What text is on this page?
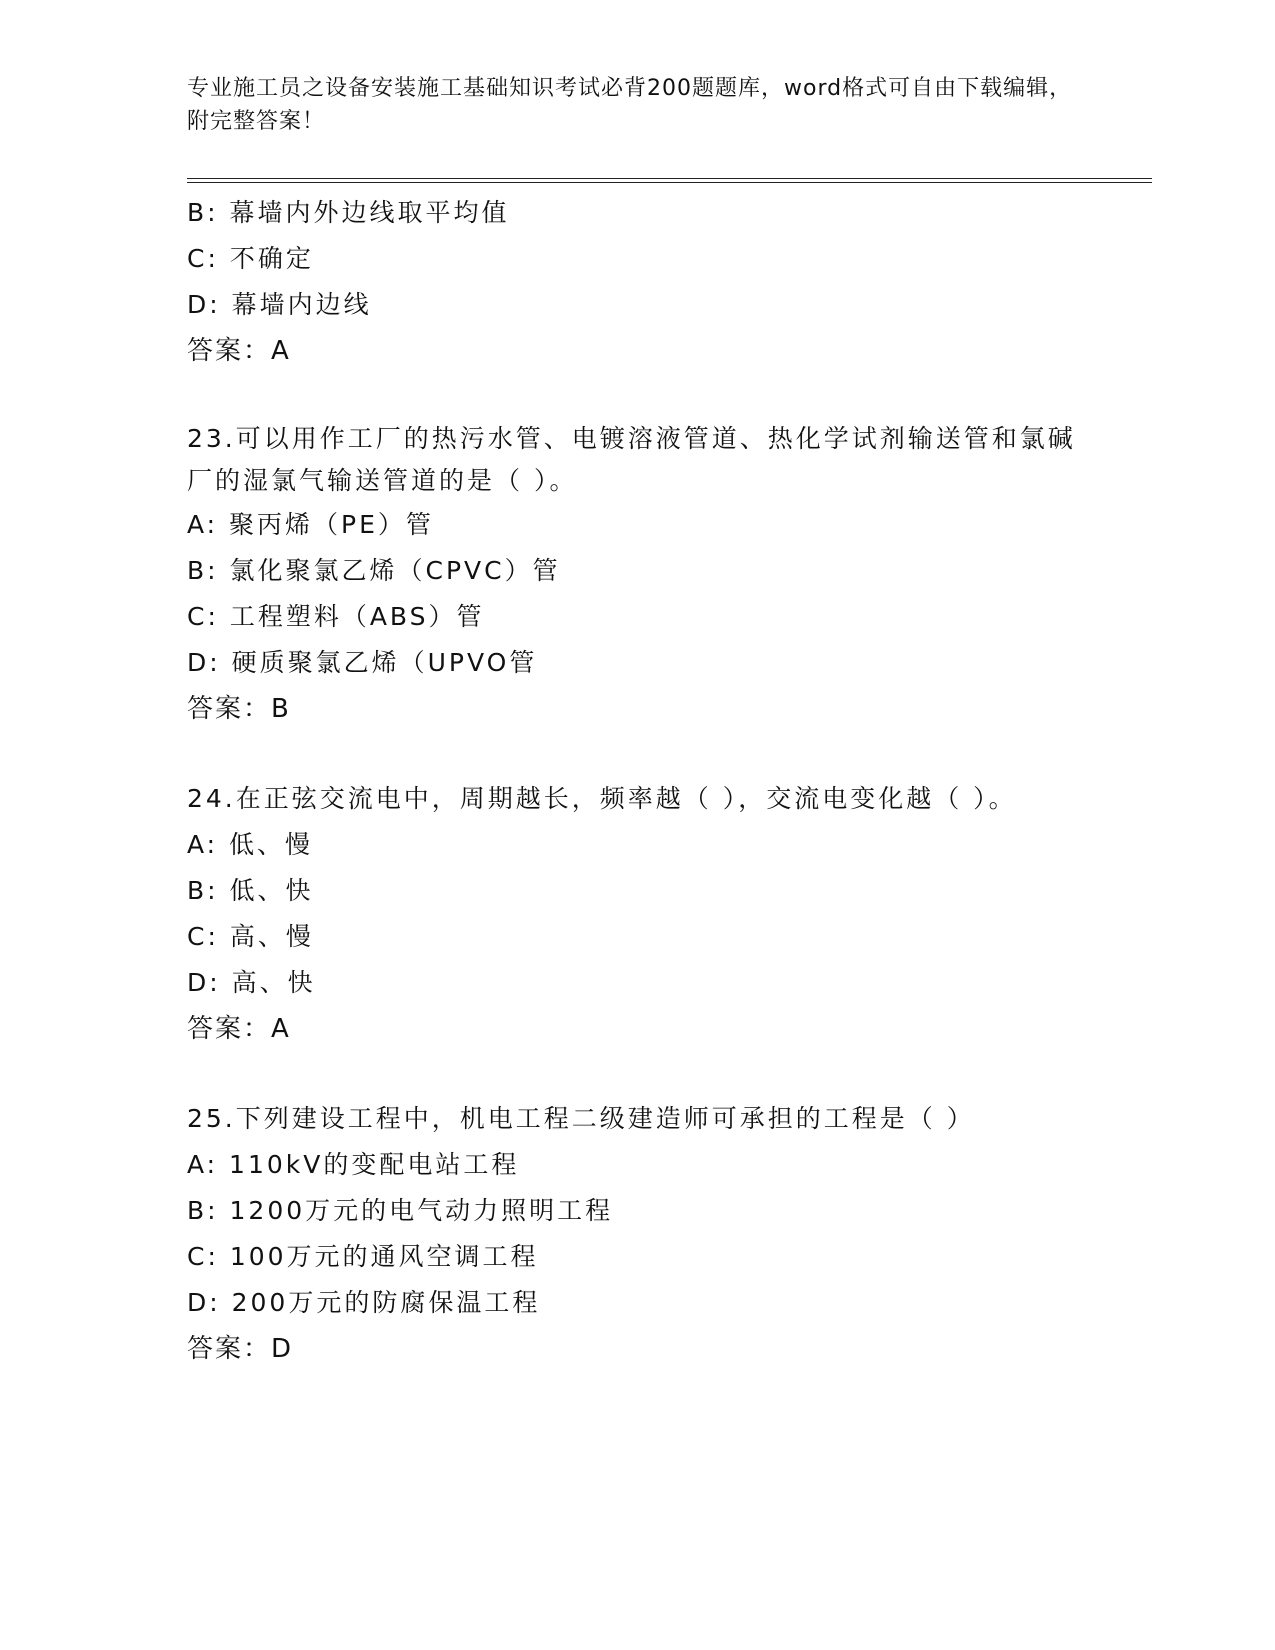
专业施工员之设备安装施工基础知识考试必背200题题库，word格式可自由下载编辑，附完整答案！
B: 幕墙内外边线取平均值
C: 不确定
D: 幕墙内边线
答案：A
23.可以用作工厂的热污水管、电镀溶液管道、热化学试剂输送管和氯碱厂的湿氯气输送管道的是（ ）。
A: 聚丙烯（PE）管
B: 氯化聚氯乙烯（CPVC）管
C: 工程塑料（ABS）管
D: 硬质聚氯乙烯（UPVO管
答案：B
24.在正弦交流电中，周期越长，频率越（ ），交流电变化越（ ）。
A: 低、慢
B: 低、快
C: 高、慢
D: 高、快
答案：A
25.下列建设工程中，机电工程二级建造师可承担的工程是（ ）
A: 110kV的变配电站工程
B: 1200万元的电气动力照明工程
C: 100万元的通风空调工程
D: 200万元的防腐保温工程
答案：D
